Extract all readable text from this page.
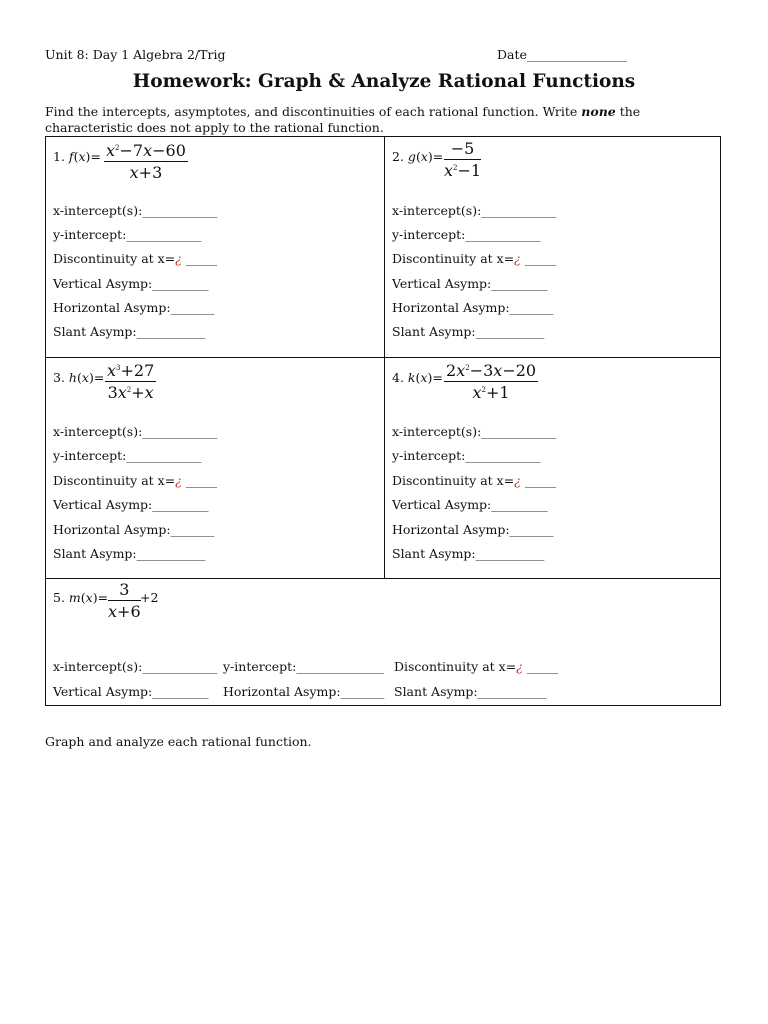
Unit 8: Day 1 Algebra 2/Trig	Date________________
Homework: Graph & Analyze Rational Functions
Find the intercepts, asymptotes, and discontinuities of each rational function. Write none the characteristic does not apply to the rational function.
1. $f(x)= \frac{x^2-7x-60}{x+3}$
x-intercept(s):____________
y-intercept:____________
Discontinuity at x=¿ _____
Vertical Asymp:_________
Horizontal Asymp:_______
Slant Asymp:___________
2. $g(x)= \frac{-5}{x^2-1}$
x-intercept(s):____________
y-intercept:____________
Discontinuity at x=¿ _____
Vertical Asymp:_________
Horizontal Asymp:_______
Slant Asymp:___________
3. $h(x)= \frac{x^3+27}{3x^2+x}$
x-intercept(s):____________
y-intercept:____________
Discontinuity at x=¿ _____
Vertical Asymp:_________
Horizontal Asymp:_______
Slant Asymp:___________
4. $k(x)= \frac{2x^2-3x-20}{x^2+1}$
x-intercept(s):____________
y-intercept:____________
Discontinuity at x=¿ _____
Vertical Asymp:_________
Horizontal Asymp:_______
Slant Asymp:___________
5. $m(x)= \frac{3}{x+6} +2$
x-intercept(s):____________ y-intercept:______________ Discontinuity at x=¿ _____
Vertical Asymp:_________ Horizontal Asymp:_______ Slant Asymp:___________
Graph and analyze each rational function.
